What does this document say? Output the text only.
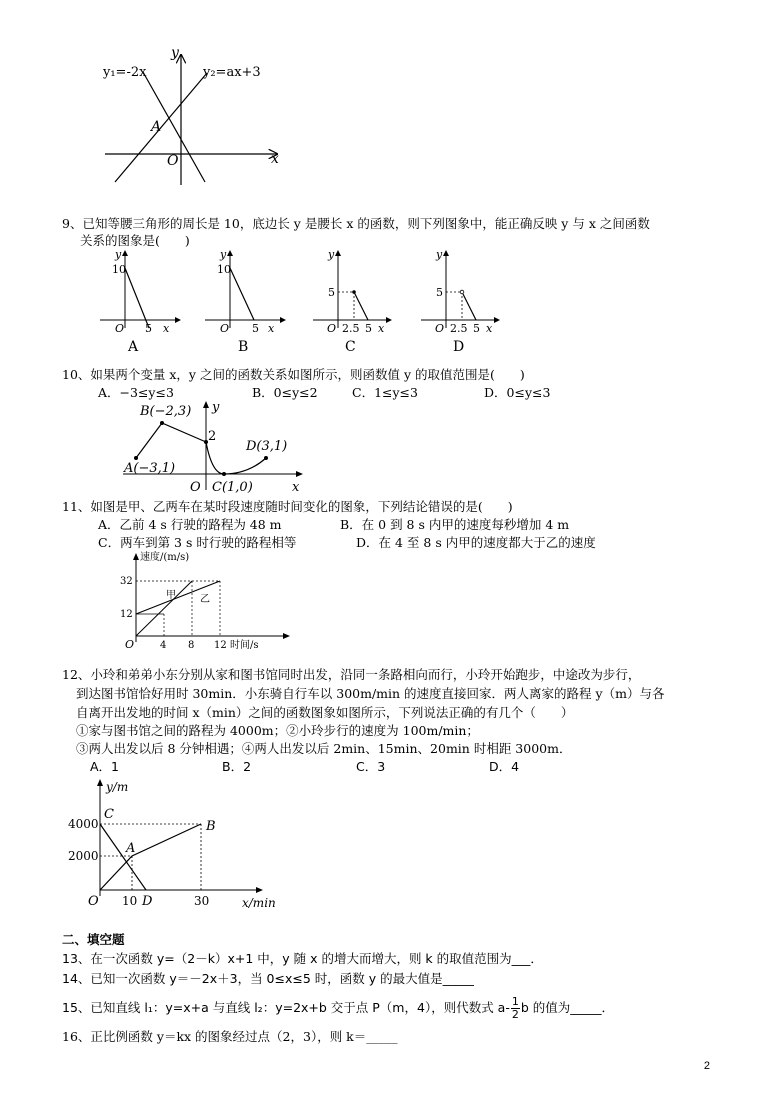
y
x
O
A
y₁=-2x	y₂=ax+3
9、已知等腰三角形的周长是 10，底边长 y 是腰长 x 的函数，则下列图象中，能正确反映 y 与 x 之间函数
关系的图象是(　　)
y
10
O 5 x
A
y
10
O 5 x
B
y
5
O 2.5 5 x
C
y
5
O 2.5 5 x
D
10、如果两个变量 x，y 之间的函数关系如图所示，则函数值 y 的取值范围是(　　)
A．−3≤y≤3	B．0≤y≤2	C．1≤y≤3	D．0≤y≤3
y
B(−2,3)
2
D(3,1)
A(−3,1)
O C(1,0)	x
11、如图是甲、乙两车在某时段速度随时间变化的图象，下列结论错误的是(　　)
A．乙前 4 s 行驶的路程为 48 m	B．在 0 到 8 s 内甲的速度每秒增加 4 m
C．两车到第 3 s 时行驶的路程相等	D．在 4 至 8 s 内甲的速度都大于乙的速度
速度/(m/s)
32
12
甲 乙
O	4 8 12 时间/s
12、小玲和弟弟小东分别从家和图书馆同时出发，沿同一条路相向而行，小玲开始跑步，中途改为步行，
到达图书馆恰好用时 30min．小东骑自行车以 300m/min 的速度直接回家．两人离家的路程 y（m）与各
自离开出发地的时间 x（min）之间的函数图象如图所示，下列说法正确的有几个（　　）
①家与图书馆之间的路程为 4000m；②小玲步行的速度为 100m/min；
③两人出发以后 8 分钟相遇；④两人出发以后 2min、15min、20min 时相距 3000m．
A．1	B．2	C．3	D．4
y/m
C
4000	B
A
2000
O 10 D	30	x/min
二、填空题
13、在一次函数 y=（2－k）x+1 中，y 随 x 的增大而增大，则 k 的取值范围为___．
14、已知一次函数 y＝－2x＋3，当 0≤x≤5 时，函数 y 的最大值是_____
15、已知直线 l₁：y=x+a 与直线 l₂：y=2x+b 交于点 P（m，4），则代数式 $a- \frac{1}{2}$ b 的值为_____．
16、正比例函数 y＝kx 的图象经过点（2，3），则 k＝_____
2
